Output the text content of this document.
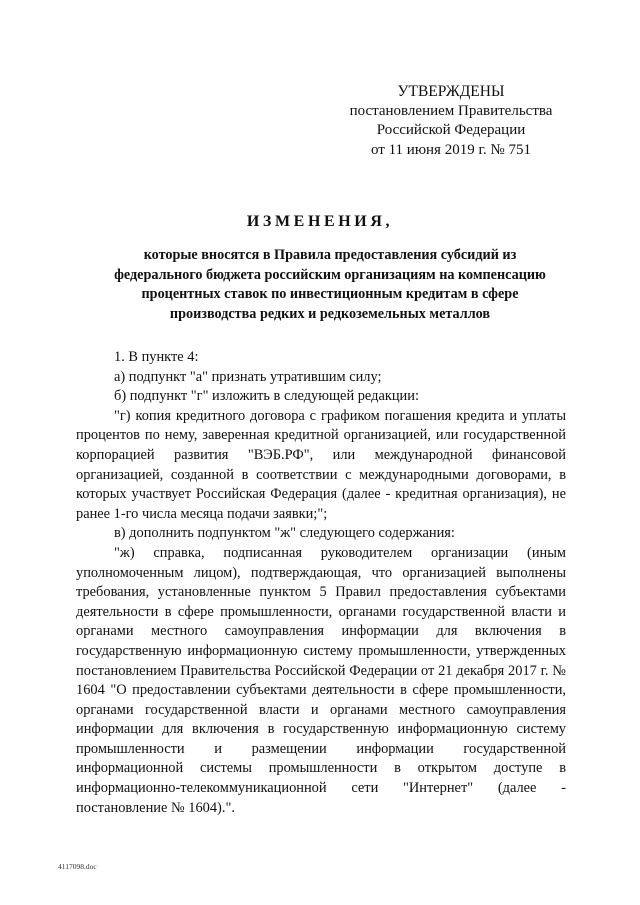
УТВЕРЖДЕНЫ
постановлением Правительства
Российской Федерации
от 11 июня 2019 г. № 751
ИЗМЕНЕНИЯ,
которые вносятся в Правила предоставления субсидий из федерального бюджета российским организациям на компенсацию процентных ставок по инвестиционным кредитам в сфере производства редких и редкоземельных металлов

1. В пункте 4:

а) подпункт "а" признать утратившим силу;

б) подпункт "г" изложить в следующей редакции:

"г) копия кредитного договора с графиком погашения кредита и уплаты процентов по нему, заверенная кредитной организацией, или государственной корпорацией развития "ВЭБ.РФ", или международной финансовой организацией, созданной в соответствии с международными договорами, в которых участвует Российская Федерация (далее - кредитная организация), не ранее 1-го числа месяца подачи заявки;";

в) дополнить подпунктом "ж" следующего содержания:

"ж) справка, подписанная руководителем организации (иным уполномоченным лицом), подтверждающая, что организацией выполнены требования, установленные пунктом 5 Правил предоставления субъектами деятельности в сфере промышленности, органами государственной власти и органами местного самоуправления информации для включения в государственную информационную систему промышленности, утвержденных постановлением Правительства Российской Федерации от 21 декабря 2017 г. № 1604 "О предоставлении субъектами деятельности в сфере промышленности, органами государственной власти и органами местного самоуправления информации для включения в государственную информационную систему промышленности и размещении информации государственной информационной системы промышленности в открытом доступе в информационно-телекоммуникационной сети "Интернет" (далее - постановление № 1604).".

4117098.doc
